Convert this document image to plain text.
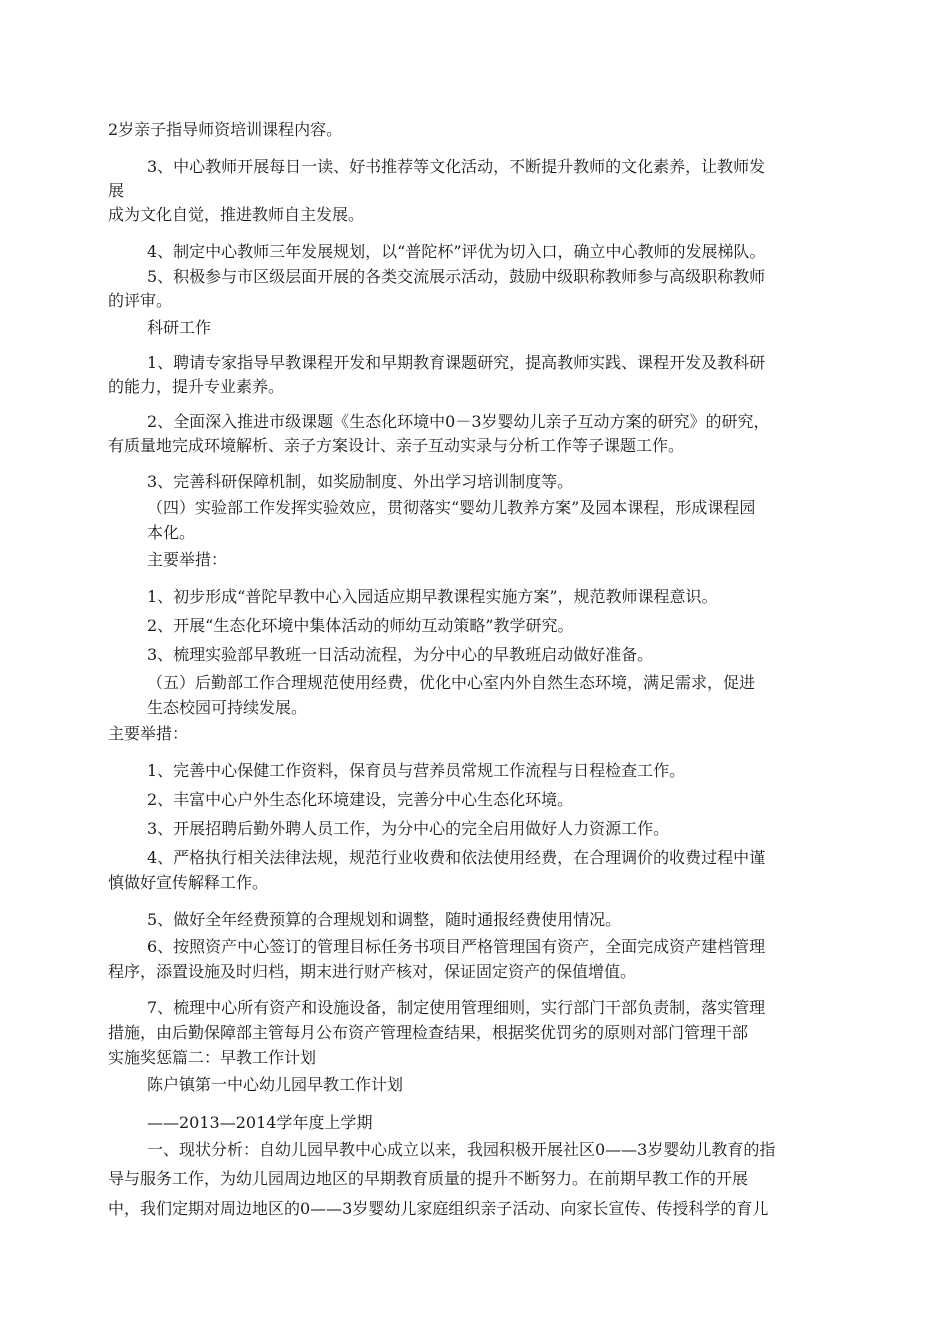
2岁亲子指导师资培训课程内容。
3、中心教师开展每日一读、好书推荐等文化活动，不断提升教师的文化素养，让教师发
展
成为文化自觉，推进教师自主发展。
4、制定中心教师三年发展规划，以“普陀杯”评优为切入口，确立中心教师的发展梯队。
5、积极参与市区级层面开展的各类交流展示活动，鼓励中级职称教师参与高级职称教师
的评审。
科研工作
1、聘请专家指导早教课程开发和早期教育课题研究，提高教师实践、课程开发及教科研
的能力，提升专业素养。
2、全面深入推进市级课题《生态化环境中0－3岁婴幼儿亲子互动方案的研究》的研究，
有质量地完成环境解析、亲子方案设计、亲子互动实录与分析工作等子课题工作。
3、完善科研保障机制，如奖励制度、外出学习培训制度等。
（四）实验部工作发挥实验效应，贯彻落实“婴幼儿教养方案”及园本课程，形成课程园
本化。
主要举措：
1、初步形成“普陀早教中心入园适应期早教课程实施方案”，规范教师课程意识。
2、开展“生态化环境中集体活动的师幼互动策略”教学研究。
3、梳理实验部早教班一日活动流程，为分中心的早教班启动做好准备。
（五）后勤部工作合理规范使用经费，优化中心室内外自然生态环境，满足需求，促进
生态校园可持续发展。
主要举措：
1、完善中心保健工作资料，保育员与营养员常规工作流程与日程检查工作。
2、丰富中心户外生态化环境建设，完善分中心生态化环境。
3、开展招聘后勤外聘人员工作，为分中心的完全启用做好人力资源工作。
4、严格执行相关法律法规，规范行业收费和依法使用经费，在合理调价的收费过程中谨
慎做好宣传解释工作。
5、做好全年经费预算的合理规划和调整，随时通报经费使用情况。
6、按照资产中心签订的管理目标任务书项目严格管理国有资产，全面完成资产建档管理
程序，添置设施及时归档，期末进行财产核对，保证固定资产的保值增值。
7、梳理中心所有资产和设施设备，制定使用管理细则，实行部门干部负责制，落实管理
措施，由后勤保障部主管每月公布资产管理检查结果，根据奖优罚劣的原则对部门管理干部
实施奖惩篇二：早教工作计划
陈户镇第一中心幼儿园早教工作计划
——2013—2014学年度上学期
一、现状分析：自幼儿园早教中心成立以来，我园积极开展社区0——3岁婴幼儿教育的指
导与服务工作，为幼儿园周边地区的早期教育质量的提升不断努力。在前期早教工作的开展
中，我们定期对周边地区的0——3岁婴幼儿家庭组织亲子活动、向家长宣传、传授科学的育儿
